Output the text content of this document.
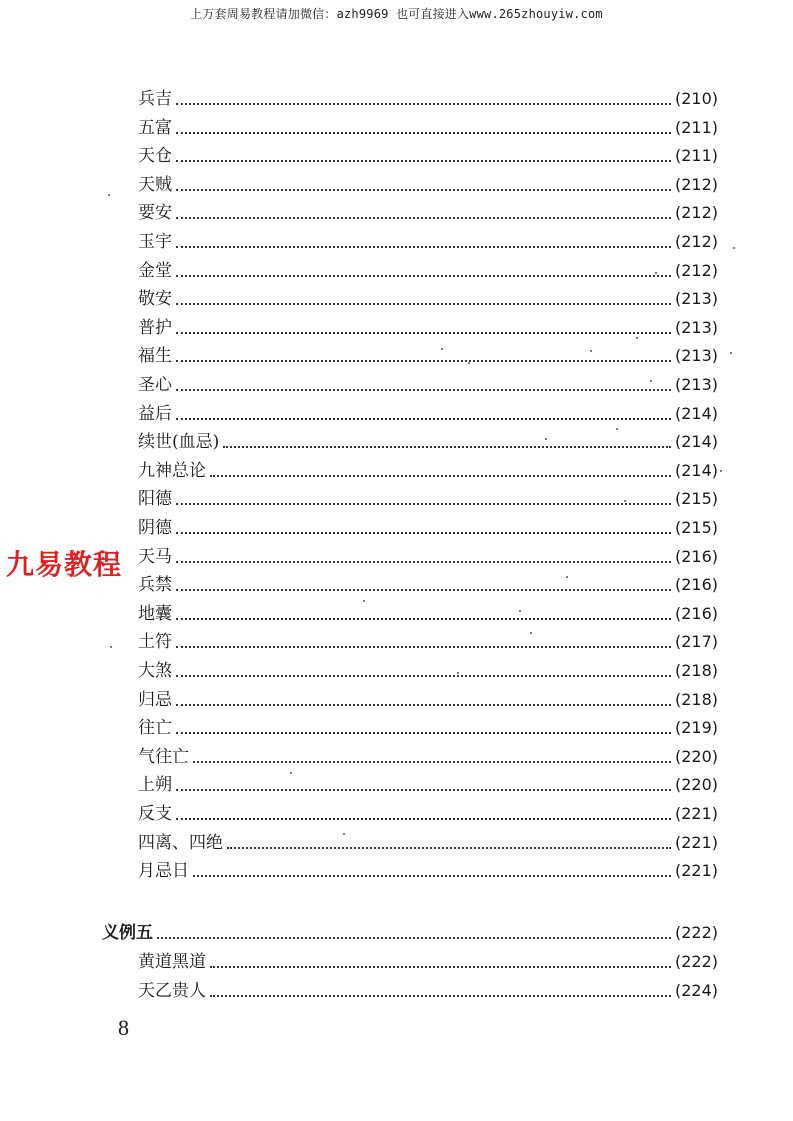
上万套周易教程请加微信：azh9969 也可直接进入www.265zhouyiw.com
兵吉	(210)
五富	(211)
天仓	(211)
天贼	(212)
要安	(212)
玉宇	(212)
金堂	(212)
敬安	(213)
普护	(213)
福生	(213)
圣心	(213)
益后	(214)
续世(血忌)	(214)
九神总论	(214)
阳德	(215)
阴德	(215)
天马	(216)
兵禁	(216)
地囊	(216)
土符	(217)
大煞	(218)
归忌	(218)
往亡	(219)
气往亡	(220)
上朔	(220)
反支	(221)
四离、四绝	(221)
月忌日	(221)
义例五	(222)
黄道黑道	(222)
天乙贵人	(224)
九易教程
8
